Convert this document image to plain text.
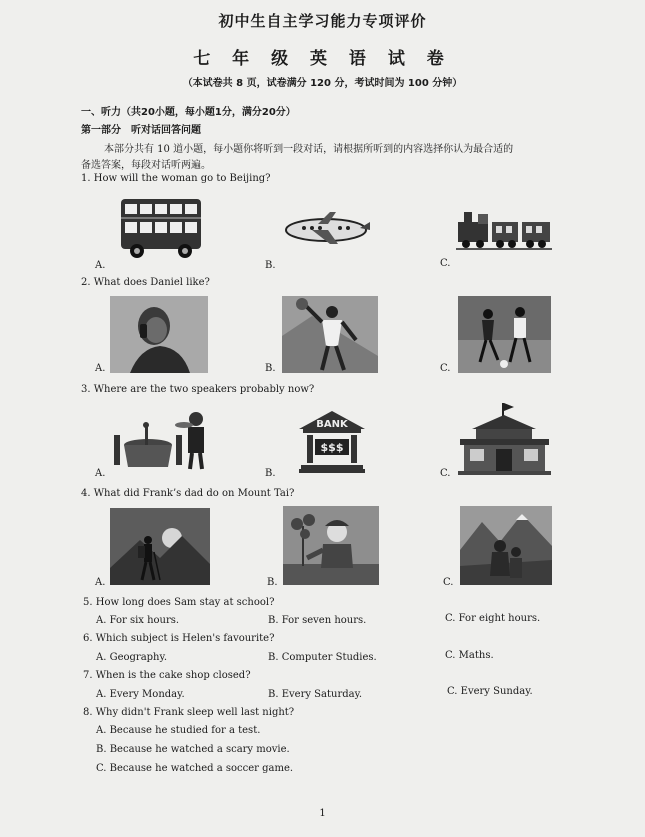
初中生自主学习能力专项评价
七 年 级 英 语 试 卷
（本试卷共 8 页，试卷满分 120 分，考试时间为 100 分钟）
一、听力（共20小题，每小题1分，满分20分）
第一部分　听对话回答问题
本部分共有 10 道小题，每小题你将听到一段对话，请根据所听到的内容选择你认为最合适的
备选答案，每段对话听两遍。
1. How will the woman go to Beijing?
A.	B.	C.
2. What does Daniel like?
A.	B.	C.
3. Where are the two speakers probably now?
BANK
$$$
A.	B.	C.
4. What did Frank’s dad do on Mount Tai?
A.	B.	C.
5. How long does Sam stay at school?
A. For six hours.	B. For seven hours.	C. For eight hours.
6. Which subject is Helen's favourite?
A. Geography.	B. Computer Studies.	C. Maths.
7. When is the cake shop closed?
A. Every Monday.	B. Every Saturday.	C. Every Sunday.
8. Why didn't Frank sleep well last night?
A. Because he studied for a test.
B. Because he watched a scary movie.
C. Because he watched a soccer game.
1
